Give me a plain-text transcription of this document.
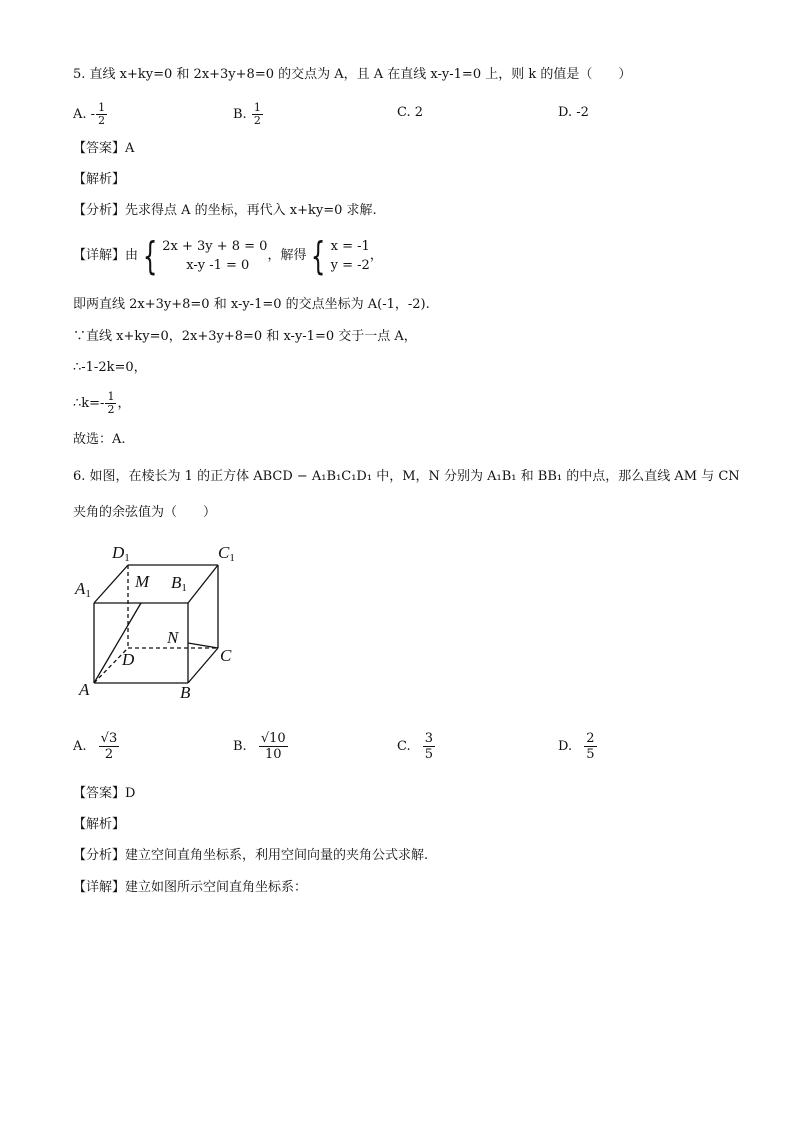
5. 直线 x+ky=0 和 2x+3y+8=0 的交点为 A，且 A 在直线 x-y-1=0 上，则 k 的值是（　　）
A. - $\frac{1}{2}$	B. $\frac{1}{2}$	C. 2	D. -2
【答案】A
【解析】
【分析】先求得点 A 的坐标，再代入 x+ky=0 求解.
【详解】由 { 2x + 3y + 8 = 0
x-y -1 = 0
，解得 { x = -1
y = -2
，
即两直线 2x+3y+8=0 和 x-y-1=0 的交点坐标为 A(-1，-2).
∵直线 x+ky=0，2x+3y+8=0 和 x-y-1=0 交于一点 A，
∴-1-2k=0，
∴k=- $\frac{1}{2}$ ，
故选：A.
6. 如图，在棱长为 1 的正方体 ABCD − A₁B₁C₁D₁ 中，M，N 分别为 A₁B₁ 和 BB₁ 的中点，那么直线 AM 与 CN
夹角的余弦值为（　　）
D1	C1
A1
B1
M
N
D	C
A	B
A. $\frac{√3}{2}$	B. $\frac{√10}{10}$	C. $\frac{3}{5}$	D. $\frac{2}{5}$
【答案】D
【解析】
【分析】建立空间直角坐标系，利用空间向量的夹角公式求解.
【详解】建立如图所示空间直角坐标系：
